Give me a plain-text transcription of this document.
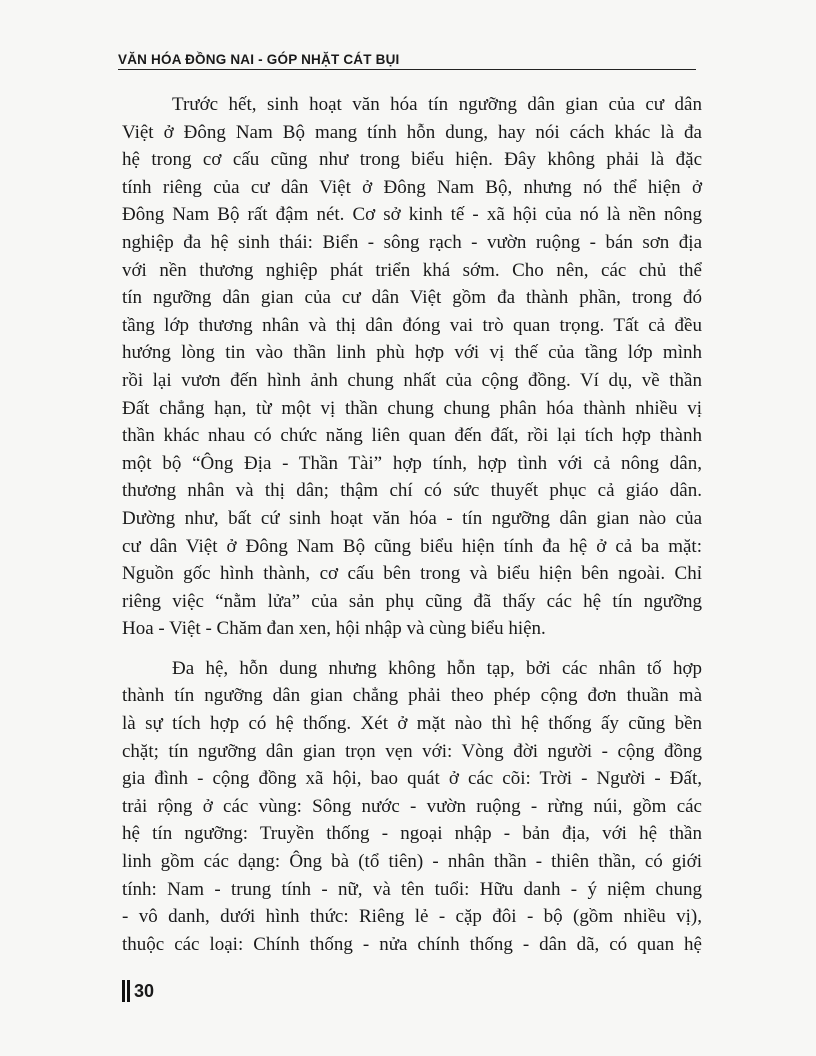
VĂN HÓA ĐỒNG NAI - GÓP NHẶT CÁT BỤI
Trước hết, sinh hoạt văn hóa tín ngưỡng dân gian của cư dân
Việt ở Đông Nam Bộ mang tính hỗn dung, hay nói cách khác là đa
hệ trong cơ cấu cũng như trong biểu hiện. Đây không phải là đặc
tính riêng của cư dân Việt ở Đông Nam Bộ, nhưng nó thể hiện ở
Đông Nam Bộ rất đậm nét. Cơ sở kinh tế - xã hội của nó là nền nông
nghiệp đa hệ sinh thái: Biển - sông rạch - vườn ruộng - bán sơn địa
với nền thương nghiệp phát triển khá sớm. Cho nên, các chủ thể
tín ngưỡng dân gian của cư dân Việt gồm đa thành phần, trong đó
tầng lớp thương nhân và thị dân đóng vai trò quan trọng. Tất cả đều
hướng lòng tin vào thần linh phù hợp với vị thế của tầng lớp mình
rồi lại vươn đến hình ảnh chung nhất của cộng đồng. Ví dụ, về thần
Đất chẳng hạn, từ một vị thần chung chung phân hóa thành nhiều vị
thần khác nhau có chức năng liên quan đến đất, rồi lại tích hợp thành
một bộ “Ông Địa - Thần Tài” hợp tính, hợp tình với cả nông dân,
thương nhân và thị dân; thậm chí có sức thuyết phục cả giáo dân.
Dường như, bất cứ sinh hoạt văn hóa - tín ngưỡng dân gian nào của
cư dân Việt ở Đông Nam Bộ cũng biểu hiện tính đa hệ ở cả ba mặt:
Nguồn gốc hình thành, cơ cấu bên trong và biểu hiện bên ngoài. Chỉ
riêng việc “nằm lửa” của sản phụ cũng đã thấy các hệ tín ngưỡng
Hoa - Việt - Chăm đan xen, hội nhập và cùng biểu hiện.
Đa hệ, hỗn dung nhưng không hỗn tạp, bởi các nhân tố hợp
thành tín ngưỡng dân gian chẳng phải theo phép cộng đơn thuần mà
là sự tích hợp có hệ thống. Xét ở mặt nào thì hệ thống ấy cũng bền
chặt; tín ngưỡng dân gian trọn vẹn với: Vòng đời người - cộng đồng
gia đình - cộng đồng xã hội, bao quát ở các cõi: Trời - Người - Đất,
trải rộng ở các vùng: Sông nước - vườn ruộng - rừng núi, gồm các
hệ tín ngưỡng: Truyền thống - ngoại nhập - bản địa, với hệ thần
linh gồm các dạng: Ông bà (tổ tiên) - nhân thần - thiên thần, có giới
tính: Nam - trung tính - nữ, và tên tuổi: Hữu danh - ý niệm chung
- vô danh, dưới hình thức: Riêng lẻ - cặp đôi - bộ (gồm nhiều vị),
thuộc các loại: Chính thống - nửa chính thống - dân dã, có quan hệ
30
